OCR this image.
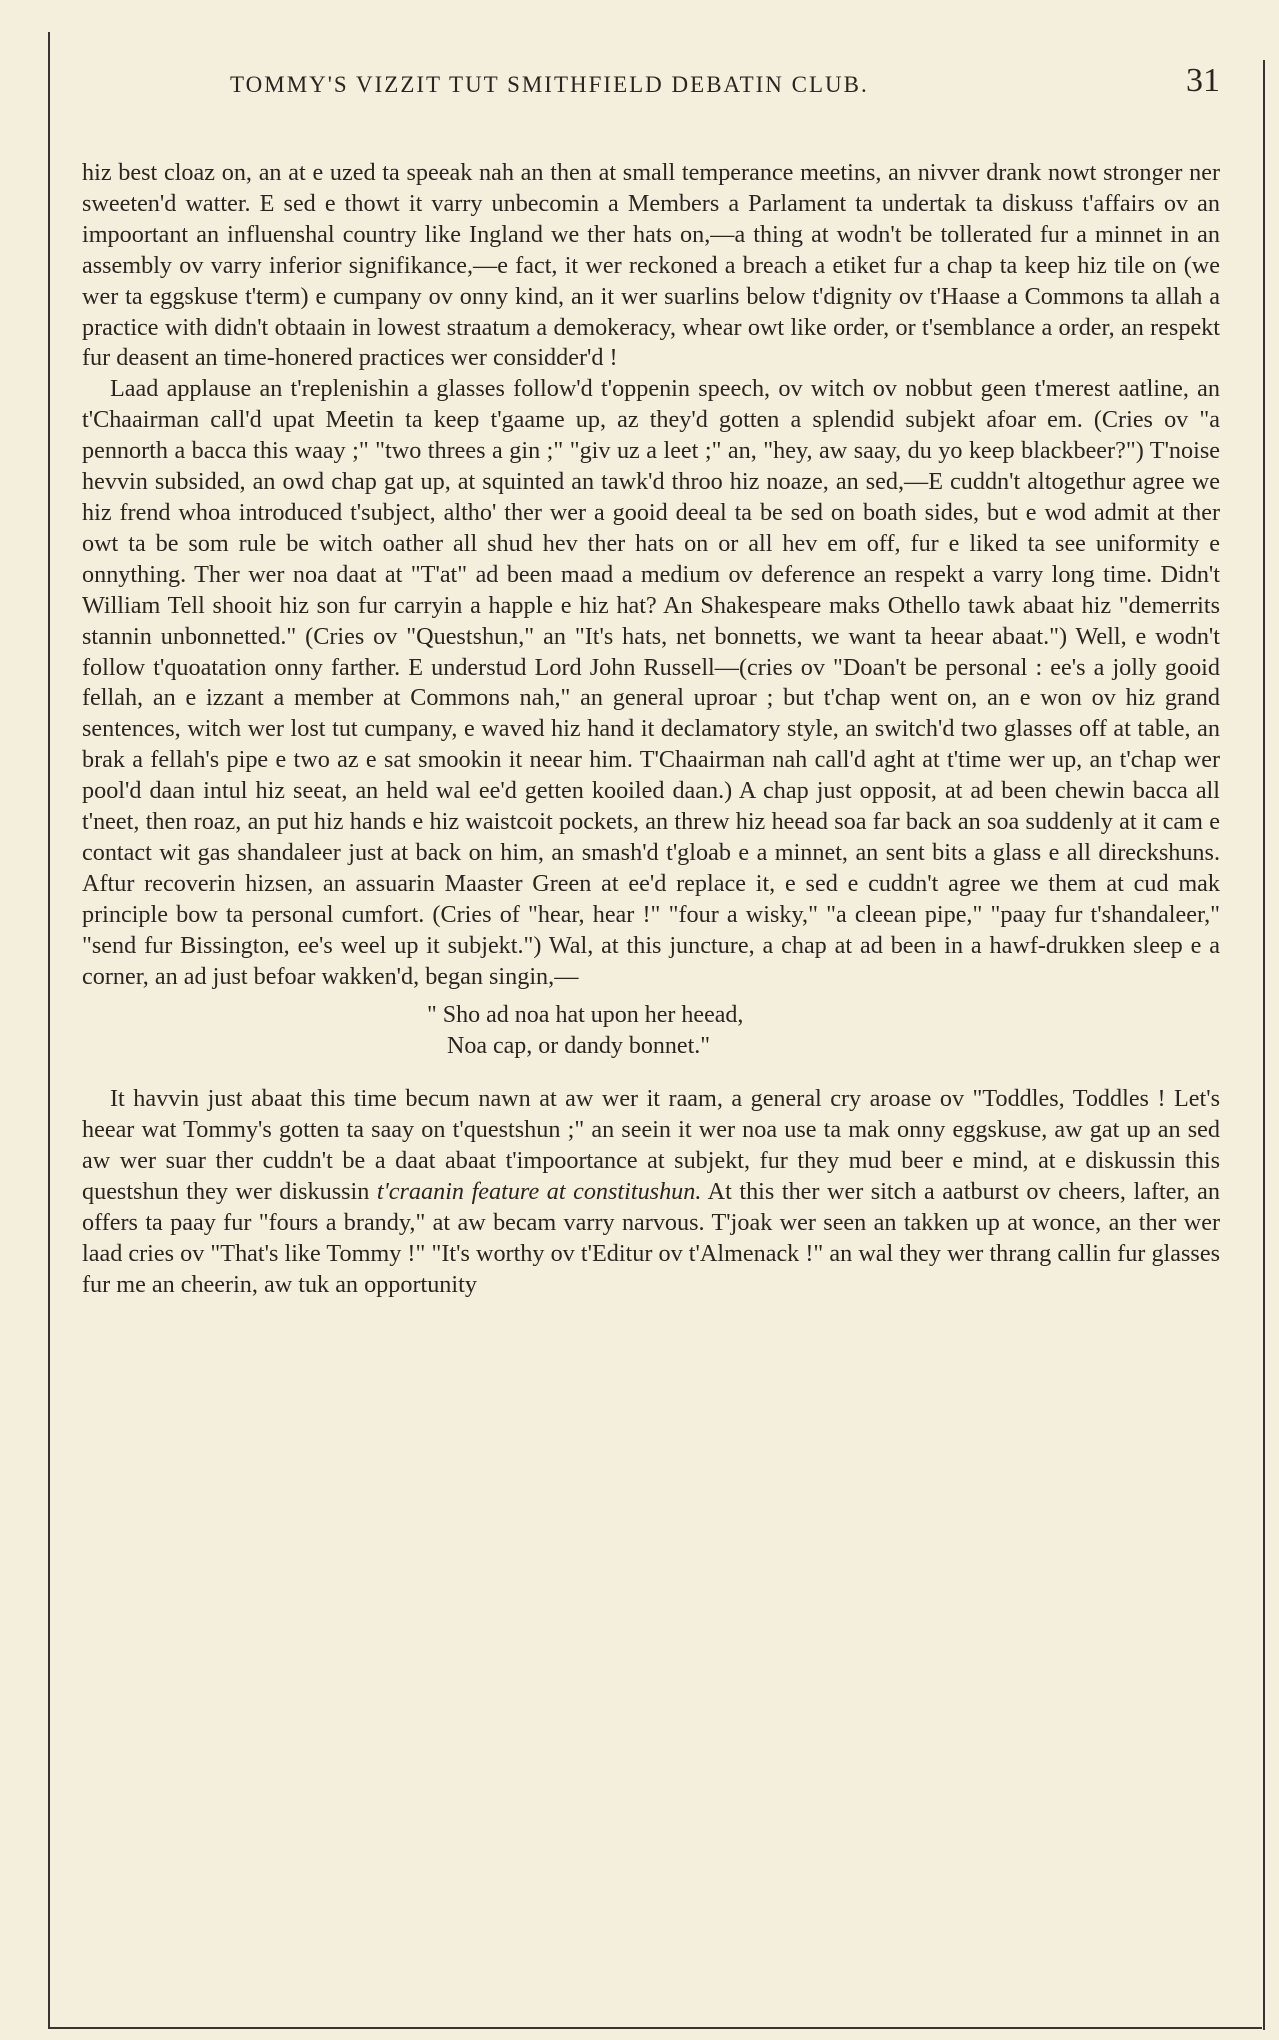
TOMMY'S VIZZIT TUT SMITHFIELD DEBATIN CLUB.	31

hiz best cloaz on, an at e uzed ta speeak nah an then at small temperance meetins, an nivver drank nowt stronger ner sweeten'd watter. E sed e thowt it varry unbecomin a Members a Parlament ta undertak ta diskuss t'affairs ov an impoortant an influenshal country like Ingland we ther hats on,—a thing at wodn't be tollerated fur a minnet in an assembly ov varry inferior signifikance,—e fact, it wer reckoned a breach a etiket fur a chap ta keep hiz tile on (we wer ta eggskuse t'term) e cumpany ov onny kind, an it wer suarlins below t'dignity ov t'Haase a Commons ta allah a practice with didn't obtaain in lowest straatum a demokeracy, whear owt like order, or t'semblance a order, an respekt fur deasent an time-honered practices wer considder'd !

Laad applause an t'replenishin a glasses follow'd t'oppenin speech, ov witch ov nobbut geen t'merest aatline, an t'Chaairman call'd upat Meetin ta keep t'gaame up, az they'd gotten a splendid subjekt afoar em. (Cries ov "a pennorth a bacca this waay ;" "two threes a gin ;" "giv uz a leet ;" an, "hey, aw saay, du yo keep blackbeer?") T'noise hevvin subsided, an owd chap gat up, at squinted an tawk'd throo hiz noaze, an sed,—E cuddn't altogethur agree we hiz frend whoa introduced t'subject, altho' ther wer a gooid deeal ta be sed on boath sides, but e wod admit at ther owt ta be som rule be witch oather all shud hev ther hats on or all hev em off, fur e liked ta see uniformity e onnything. Ther wer noa daat at "T'at" ad been maad a medium ov deference an respekt a varry long time. Didn't William Tell shooit hiz son fur carryin a happle e hiz hat? An Shakespeare maks Othello tawk abaat hiz "demerrits stannin unbonnetted." (Cries ov "Questshun," an "It's hats, net bonnetts, we want ta heear abaat.") Well, e wodn't follow t'quoatation onny farther. E understud Lord John Russell—(cries ov "Doan't be personal : ee's a jolly gooid fellah, an e izzant a member at Commons nah," an general uproar ; but t'chap went on, an e won ov hiz grand sentences, witch wer lost tut cumpany, e waved hiz hand it declamatory style, an switch'd two glasses off at table, an brak a fellah's pipe e two az e sat smookin it neear him. T'Chaairman nah call'd aght at t'time wer up, an t'chap wer pool'd daan intul hiz seeat, an held wal ee'd getten kooiled daan.) A chap just opposit, at ad been chewin bacca all t'neet, then roaz, an put hiz hands e hiz waistcoit pockets, an threw hiz heead soa far back an soa suddenly at it cam e contact wit gas shandaleer just at back on him, an smash'd t'gloab e a minnet, an sent bits a glass e all direckshuns. Aftur recoverin hizsen, an assuarin Maaster Green at ee'd replace it, e sed e cuddn't agree we them at cud mak principle bow ta personal cumfort. (Cries of "hear, hear !" "four a wisky," "a cleean pipe," "paay fur t'shandaleer," "send fur Bissington, ee's weel up it subjekt.") Wal, at this juncture, a chap at ad been in a hawf-drukken sleep e a corner, an ad just befoar wakken'd, began singin,—

" Sho ad noa hat upon her heead,
Noa cap, or dandy bonnet."

It havvin just abaat this time becum nawn at aw wer it raam, a general cry aroase ov "Toddles, Toddles ! Let's heear wat Tommy's gotten ta saay on t'questshun ;" an seein it wer noa use ta mak onny eggskuse, aw gat up an sed aw wer suar ther cuddn't be a daat abaat t'impoortance at subjekt, fur they mud beer e mind, at e diskussin this questshun they wer diskussin t'craanin feature at constitushun. At this ther wer sitch a aatburst ov cheers, lafter, an offers ta paay fur "fours a brandy," at aw becam varry narvous. T'joak wer seen an takken up at wonce, an ther wer laad cries ov "That's like Tommy !" "It's worthy ov t'Editur ov t'Almenack !" an wal they wer thrang callin fur glasses fur me an cheerin, aw tuk an opportunity
